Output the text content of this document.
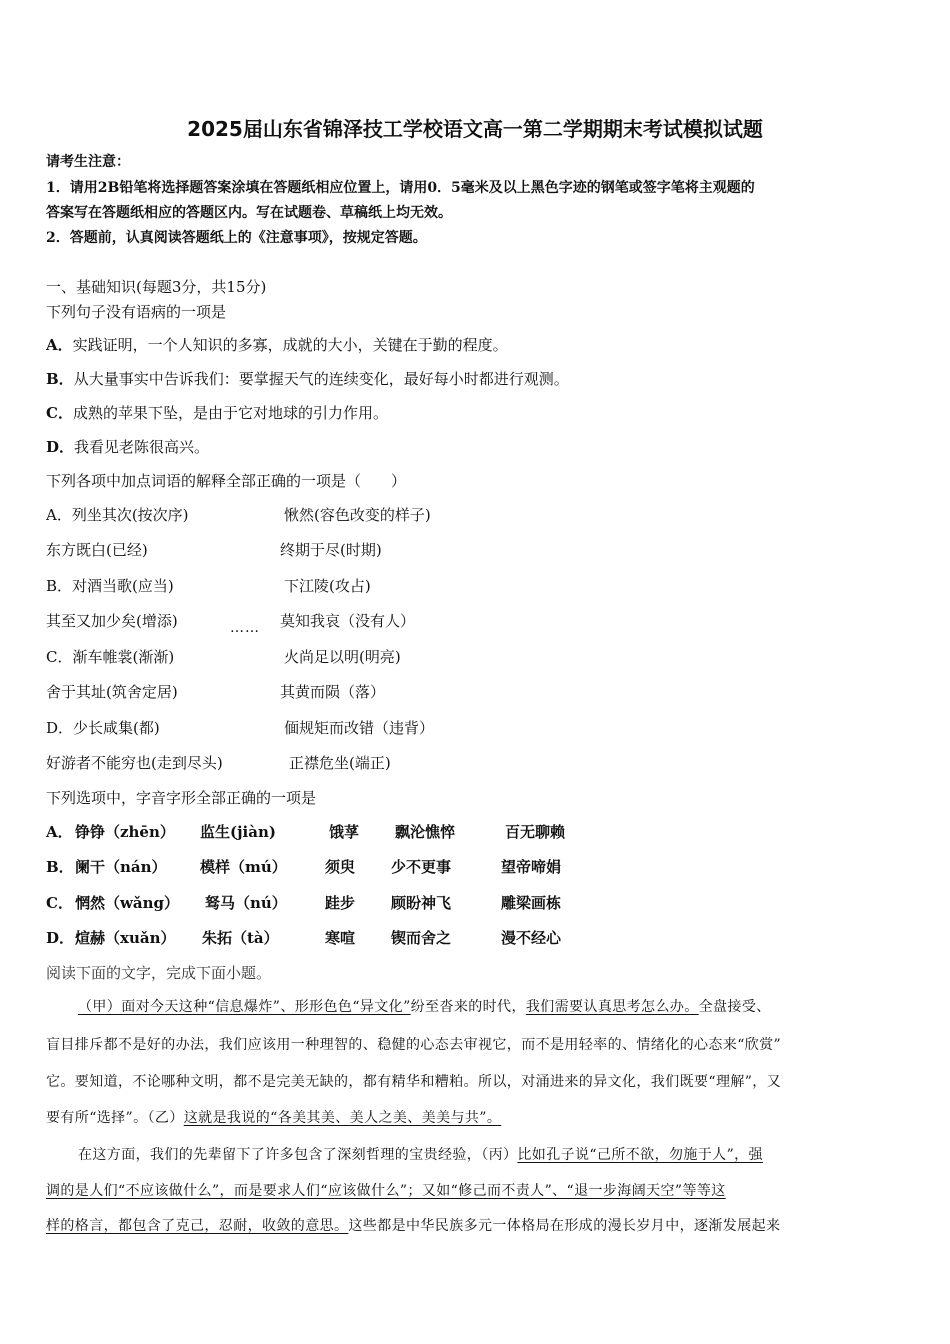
2025届山东省锦泽技工学校语文高一第二学期期末考试模拟试题
请考生注意：
1．请用2B铅笔将选择题答案涂填在答题纸相应位置上，请用0．5毫米及以上黑色字迹的钢笔或签字笔将主观题的
答案写在答题纸相应的答题区内。写在试题卷、草稿纸上均无效。
2．答题前，认真阅读答题纸上的《注意事项》，按规定答题。
一、基础知识(每题3分，共15分)
下列句子没有语病的一项是
A．实践证明，一个人知识的多寡，成就的大小，关键在于勤的程度。
B．从大量事实中告诉我们：要掌握天气的连续变化，最好每小时都进行观测。
C．成熟的苹果下坠，是由于它对地球的引力作用。
D．我看见老陈很高兴。
下列各项中加点词语的解释全部正确的一项是（　　）
A．列坐其次(按次序)	愀然(容色改变的样子)
东方既白(已经)	终期于尽(时期)
B．对酒当歌(应当)	下江陵(攻占)
其至又加少矣(增添)	…… 莫知我哀（没有人）
C．渐车帷裳(渐渐)	火尚足以明(明亮)
舍于其址(筑舍定居)	其黄而陨（落）
D．少长咸集(都)	偭规矩而改错（违背）
好游者不能穷也(走到尽头)	正襟危坐(端正)
下列选项中，字音字形全部正确的一项是
A． 铮铮（zhēn） 监生(jiàn)	饿莩 飘沦憔悴	百无聊赖
B． 阑干（nán） 模样（mú）	须臾 少不更事	望帝啼娟
C． 惘然（wǎng） 驽马（nú）	跬步 顾盼神飞	雕梁画栋
D． 煊赫（xuǎn） 朱拓（tà）	寒喧 锲而舍之	漫不经心
阅读下面的文字，完成下面小题。
（甲）面对今天这种“信息爆炸”、形形色色“异文化”纷至沓来的时代，我们需要认真思考怎么办。全盘接受、
盲目排斥都不是好的办法，我们应该用一种理智的、稳健的心态去审视它，而不是用轻率的、情绪化的心态来“欣赏”
它。要知道，不论哪种文明，都不是完美无缺的，都有精华和糟粕。所以，对涌进来的异文化，我们既要“理解”，又
要有所“选择”。（乙）这就是我说的“各美其美、美人之美、美美与共”。
在这方面，我们的先辈留下了许多包含了深刻哲理的宝贵经验，（丙）比如孔子说“己所不欲，勿施于人”，强
调的是人们“不应该做什么”，而是要求人们“应该做什么”；又如“修己而不责人”、“退一步海阔天空”等等这
样的格言，都包含了克己，忍耐，收敛的意思。这些都是中华民族多元一体格局在形成的漫长岁月中，逐渐发展起来
